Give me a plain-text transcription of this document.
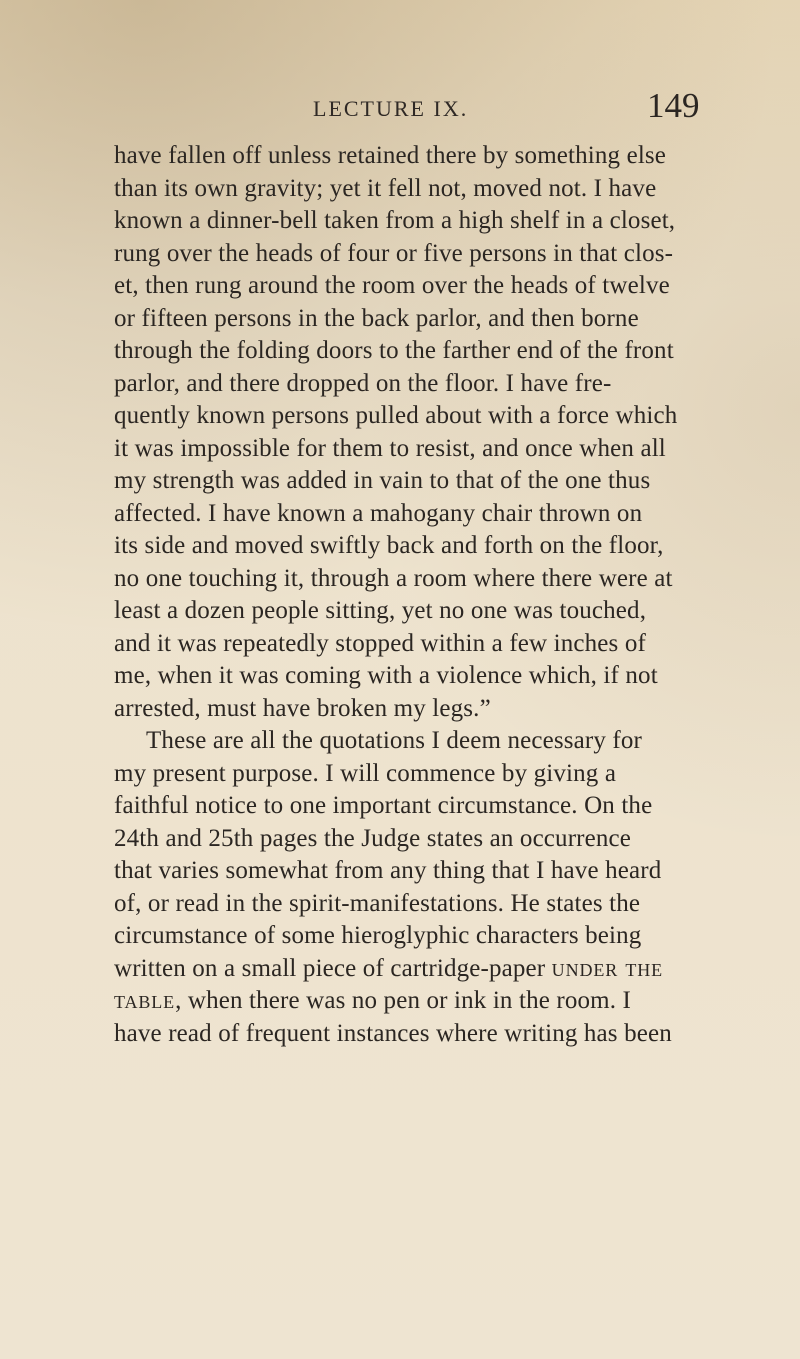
LECTURE IX.	149
have fallen off unless retained there by something else
than its own gravity; yet it fell not, moved not. I have
known a dinner-bell taken from a high shelf in a closet,
rung over the heads of four or five persons in that clos-
et, then rung around the room over the heads of twelve
or fifteen persons in the back parlor, and then borne
through the folding doors to the farther end of the front
parlor, and there dropped on the floor. I have fre-
quently known persons pulled about with a force which
it was impossible for them to resist, and once when all
my strength was added in vain to that of the one thus
affected. I have known a mahogany chair thrown on
its side and moved swiftly back and forth on the floor,
no one touching it, through a room where there were at
least a dozen people sitting, yet no one was touched,
and it was repeatedly stopped within a few inches of
me, when it was coming with a violence which, if not
arrested, must have broken my legs.”
These are all the quotations I deem necessary for
my present purpose. I will commence by giving a
faithful notice to one important circumstance. On the
24th and 25th pages the Judge states an occurrence
that varies somewhat from any thing that I have heard
of, or read in the spirit-manifestations. He states the
circumstance of some hieroglyphic characters being
written on a small piece of cartridge-paper under the
table, when there was no pen or ink in the room. I
have read of frequent instances where writing has been
